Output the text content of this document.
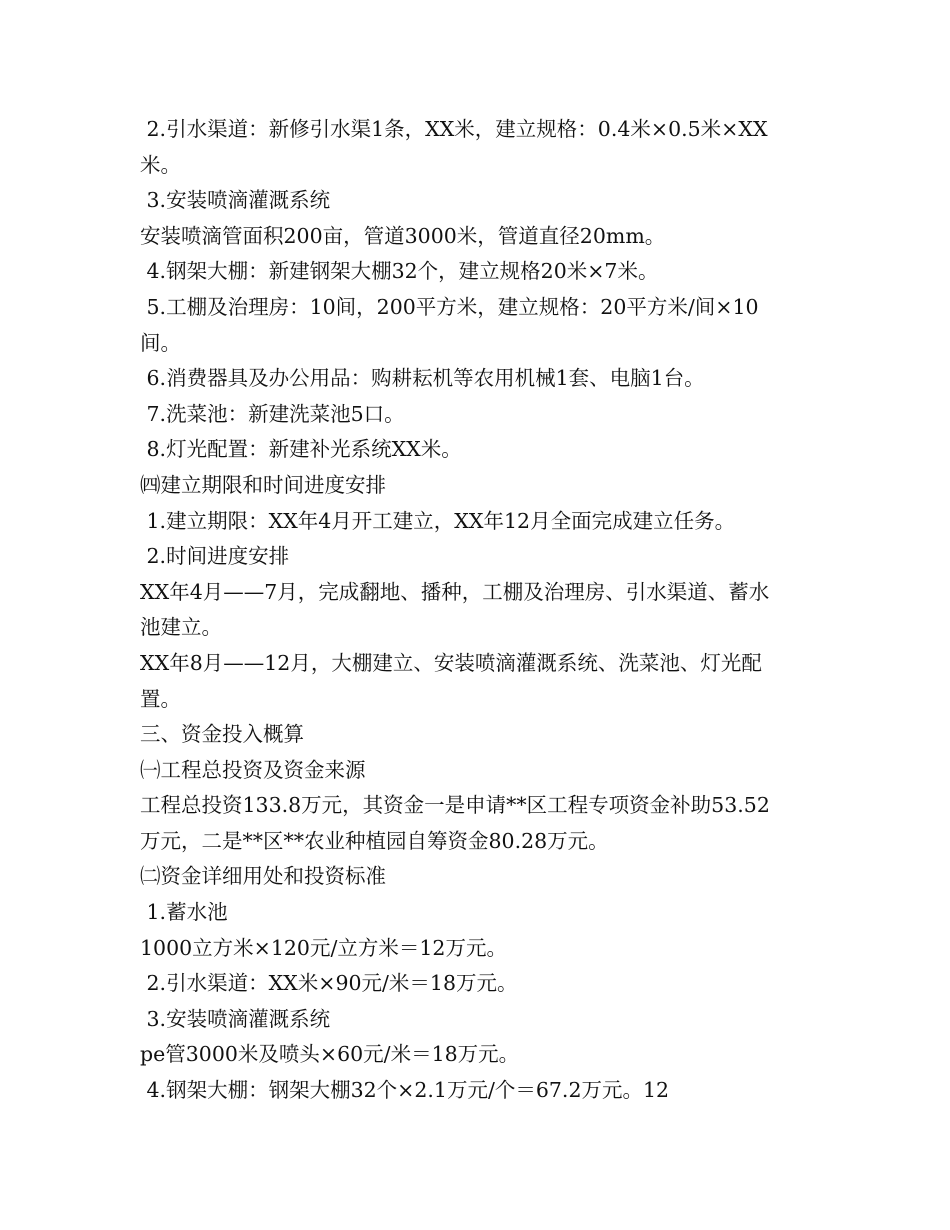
2.引水渠道：新修引水渠1条，XX米，建立规格：0.4米×0.5米×XX
米。
3.安装喷滴灌溉系统
安装喷滴管面积200亩，管道3000米，管道直径20mm。
4.钢架大棚：新建钢架大棚32个，建立规格20米×7米。
5.工棚及治理房：10间，200平方米，建立规格：20平方米/间×10
间。
6.消费器具及办公用品：购耕耘机等农用机械1套、电脑1台。
7.洗菜池：新建洗菜池5口。
8.灯光配置：新建补光系统XX米。
㈣建立期限和时间进度安排
1.建立期限：XX年4月开工建立，XX年12月全面完成建立任务。
2.时间进度安排
XX年4月——7月，完成翻地、播种，工棚及治理房、引水渠道、蓄水
池建立。
XX年8月——12月，大棚建立、安装喷滴灌溉系统、洗菜池、灯光配
置。
三、资金投入概算
㈠工程总投资及资金来源
工程总投资133.8万元，其资金一是申请**区工程专项资金补助53.52
万元，二是**区**农业种植园自筹资金80.28万元。
㈡资金详细用处和投资标准
1.蓄水池
1000立方米×120元/立方米＝12万元。
2.引水渠道：XX米×90元/米＝18万元。
3.安装喷滴灌溉系统
pe管3000米及喷头×60元/米＝18万元。
4.钢架大棚：钢架大棚32个×2.1万元/个＝67.2万元。12
